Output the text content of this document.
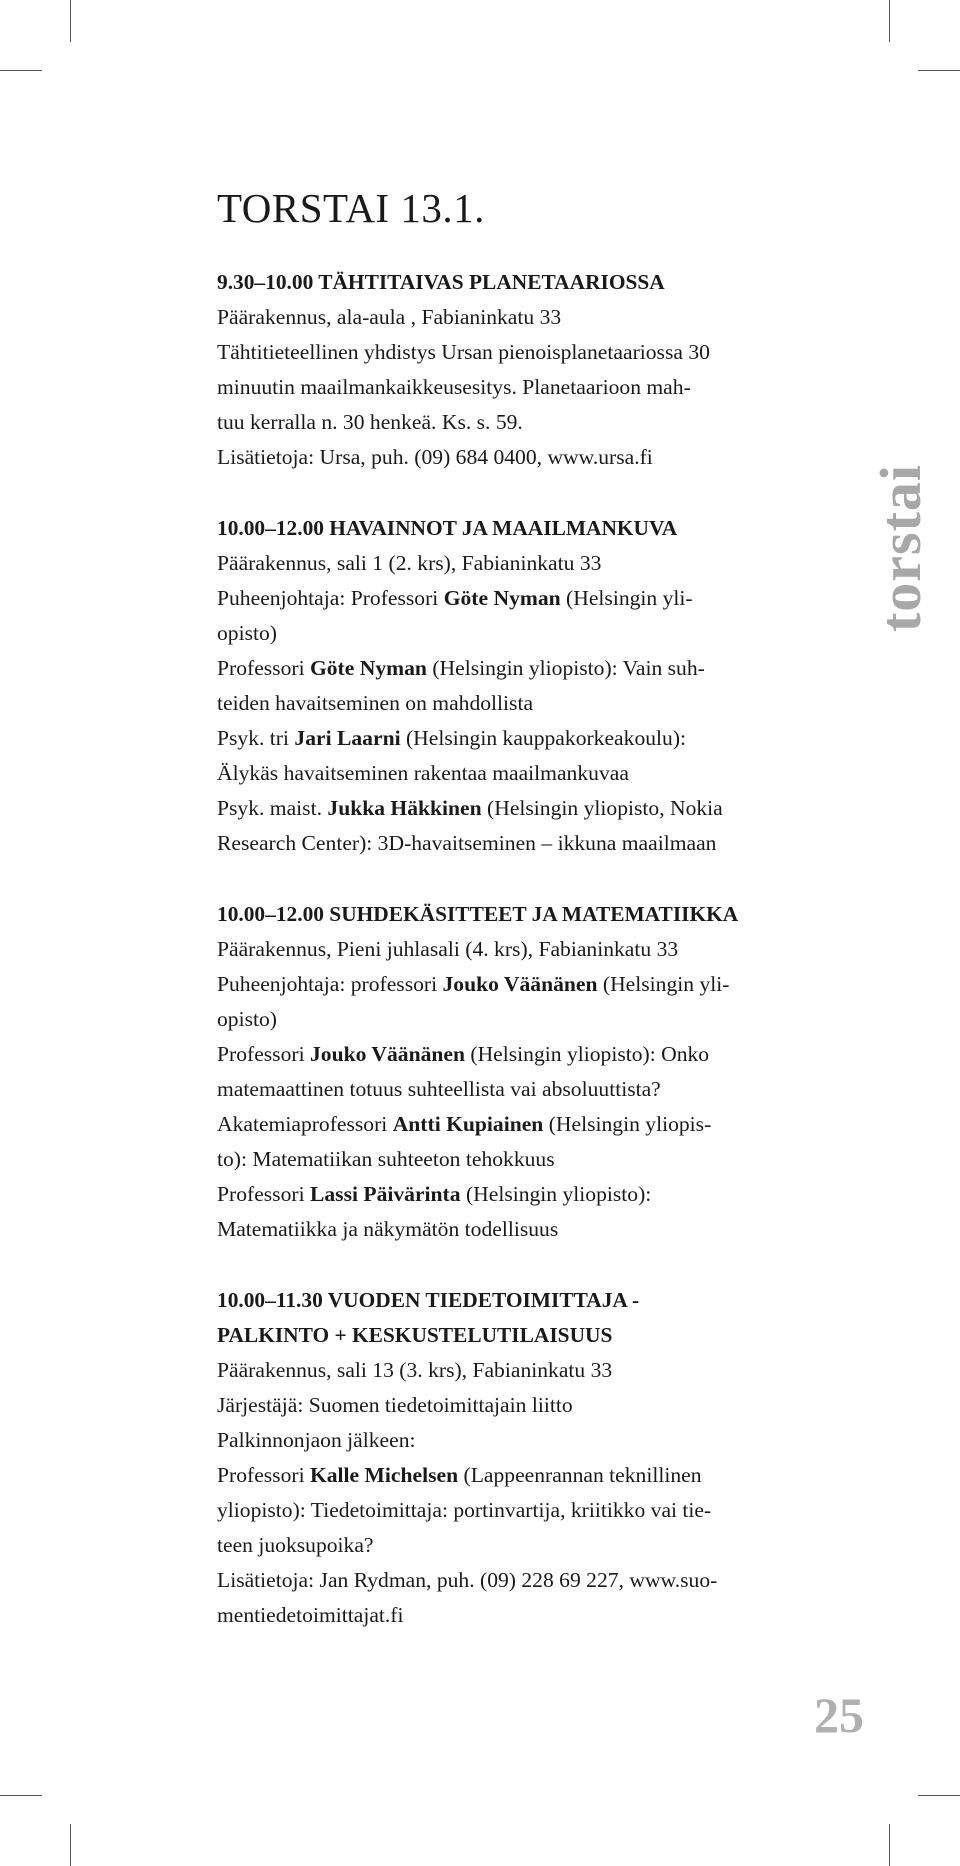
TORSTAI 13.1.
9.30–10.00 TÄHTITAIVAS PLANETAARIOSSA
Päärakennus, ala-aula , Fabianinkatu 33
Tähtitieteellinen yhdistys Ursan pienoisplanetaariossa 30
minuutin maailmankaikkeusesitys. Planetaarioon mah-
tuu kerralla n. 30 henkeä. Ks. s. 59.
Lisätietoja: Ursa, puh. (09) 684 0400, www.ursa.fi
10.00–12.00 HAVAINNOT JA MAAILMANKUVA
Päärakennus, sali 1 (2. krs), Fabianinkatu 33
Puheenjohtaja: Professori Göte Nyman (Helsingin yli-
opisto)
Professori Göte Nyman (Helsingin yliopisto): Vain suh-
teiden havaitseminen on mahdollista
Psyk. tri Jari Laarni (Helsingin kauppakorkeakoulu):
Älykäs havaitseminen rakentaa maailmankuvaa
Psyk. maist. Jukka Häkkinen (Helsingin yliopisto, Nokia
Research Center): 3D-havaitseminen – ikkuna maailmaan
10.00–12.00 SUHDEKÄSITTEET JA MATEMATIIKKA
Päärakennus, Pieni juhlasali (4. krs), Fabianinkatu 33
Puheenjohtaja: professori Jouko Väänänen (Helsingin yli-
opisto)
Professori Jouko Väänänen (Helsingin yliopisto): Onko
matemaattinen totuus suhteellista vai absoluuttista?
Akatemiaprofessori Antti Kupiainen (Helsingin yliopis-
to): Matematiikan suhteeton tehokkuus
Professori Lassi Päivärinta (Helsingin yliopisto):
Matematiikka ja näkymätön todellisuus
10.00–11.30 VUODEN TIEDETOIMITTAJA -
PALKINTO + KESKUSTELUTILAISUUS
Päärakennus, sali 13 (3. krs), Fabianinkatu 33
Järjestäjä: Suomen tiedetoimittajain liitto
Palkinnonjaon jälkeen:
Professori Kalle Michelsen (Lappeenrannan teknillinen
yliopisto): Tiedetoimittaja: portinvartija, kriitikko vai tie-
teen juoksupoika?
Lisätietoja: Jan Rydman, puh. (09) 228 69 227, www.suo-
mentiedetoimittajat.fi
torstai
25
